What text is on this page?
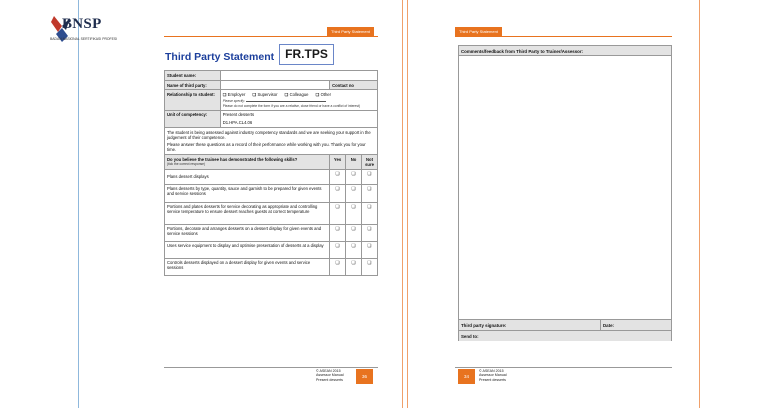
BNSP
BADAN NASIONAL SERTIFIKASI PROFESI
Third Party Statement
Third Party Statement FR.TPS
Student name:				
Name of third party:		Contact no		
Relationship to student:	❑ Employer ❑ Supervisor ❑ Colleague ❑ Other
Please specify:
Please do not complete the form if you are a relative, close friend or have a conflict of interest)			

Unit of competency:	Present desserts
D1.HPA.CL4.06			

The student is being assessed against industry competency standards and we are seeking your support in the judgement of their competence.
Please answer these questions as a record of their performance while working with you. Thank you for your time.				

Do you believe the trainee has demonstrated the following skills?
(tick the correct response)		Yes	No	Not sure
Plans dessert displays		❑	❑	❑
Plans desserts by type, quantity, sauce and garnish to be prepared for given events and service sessions		❑	❑	❑
Portions and plates desserts for service decorating as appropriate and controlling service temperature to ensure dessert reaches guests at correct temperature		❑	❑	❑
Portions, decorate and arranges desserts on a dessert display for given events and service sessions		❑	❑	❑
Uses service equipment to display and optimise presentation of desserts at a display		❑	❑	❑
Controls desserts displayed on a dessert display for given events and service sessions		❑	❑	❑
© ASEAN 2015
Assessor Manual
Present desserts
36
Third Party Statement
Comments/feedback from Third Party to Trainer/Assessor:
Third party signature:	Date:
Send to:
34
© ASEAN 2015
Assessor Manual
Present desserts
